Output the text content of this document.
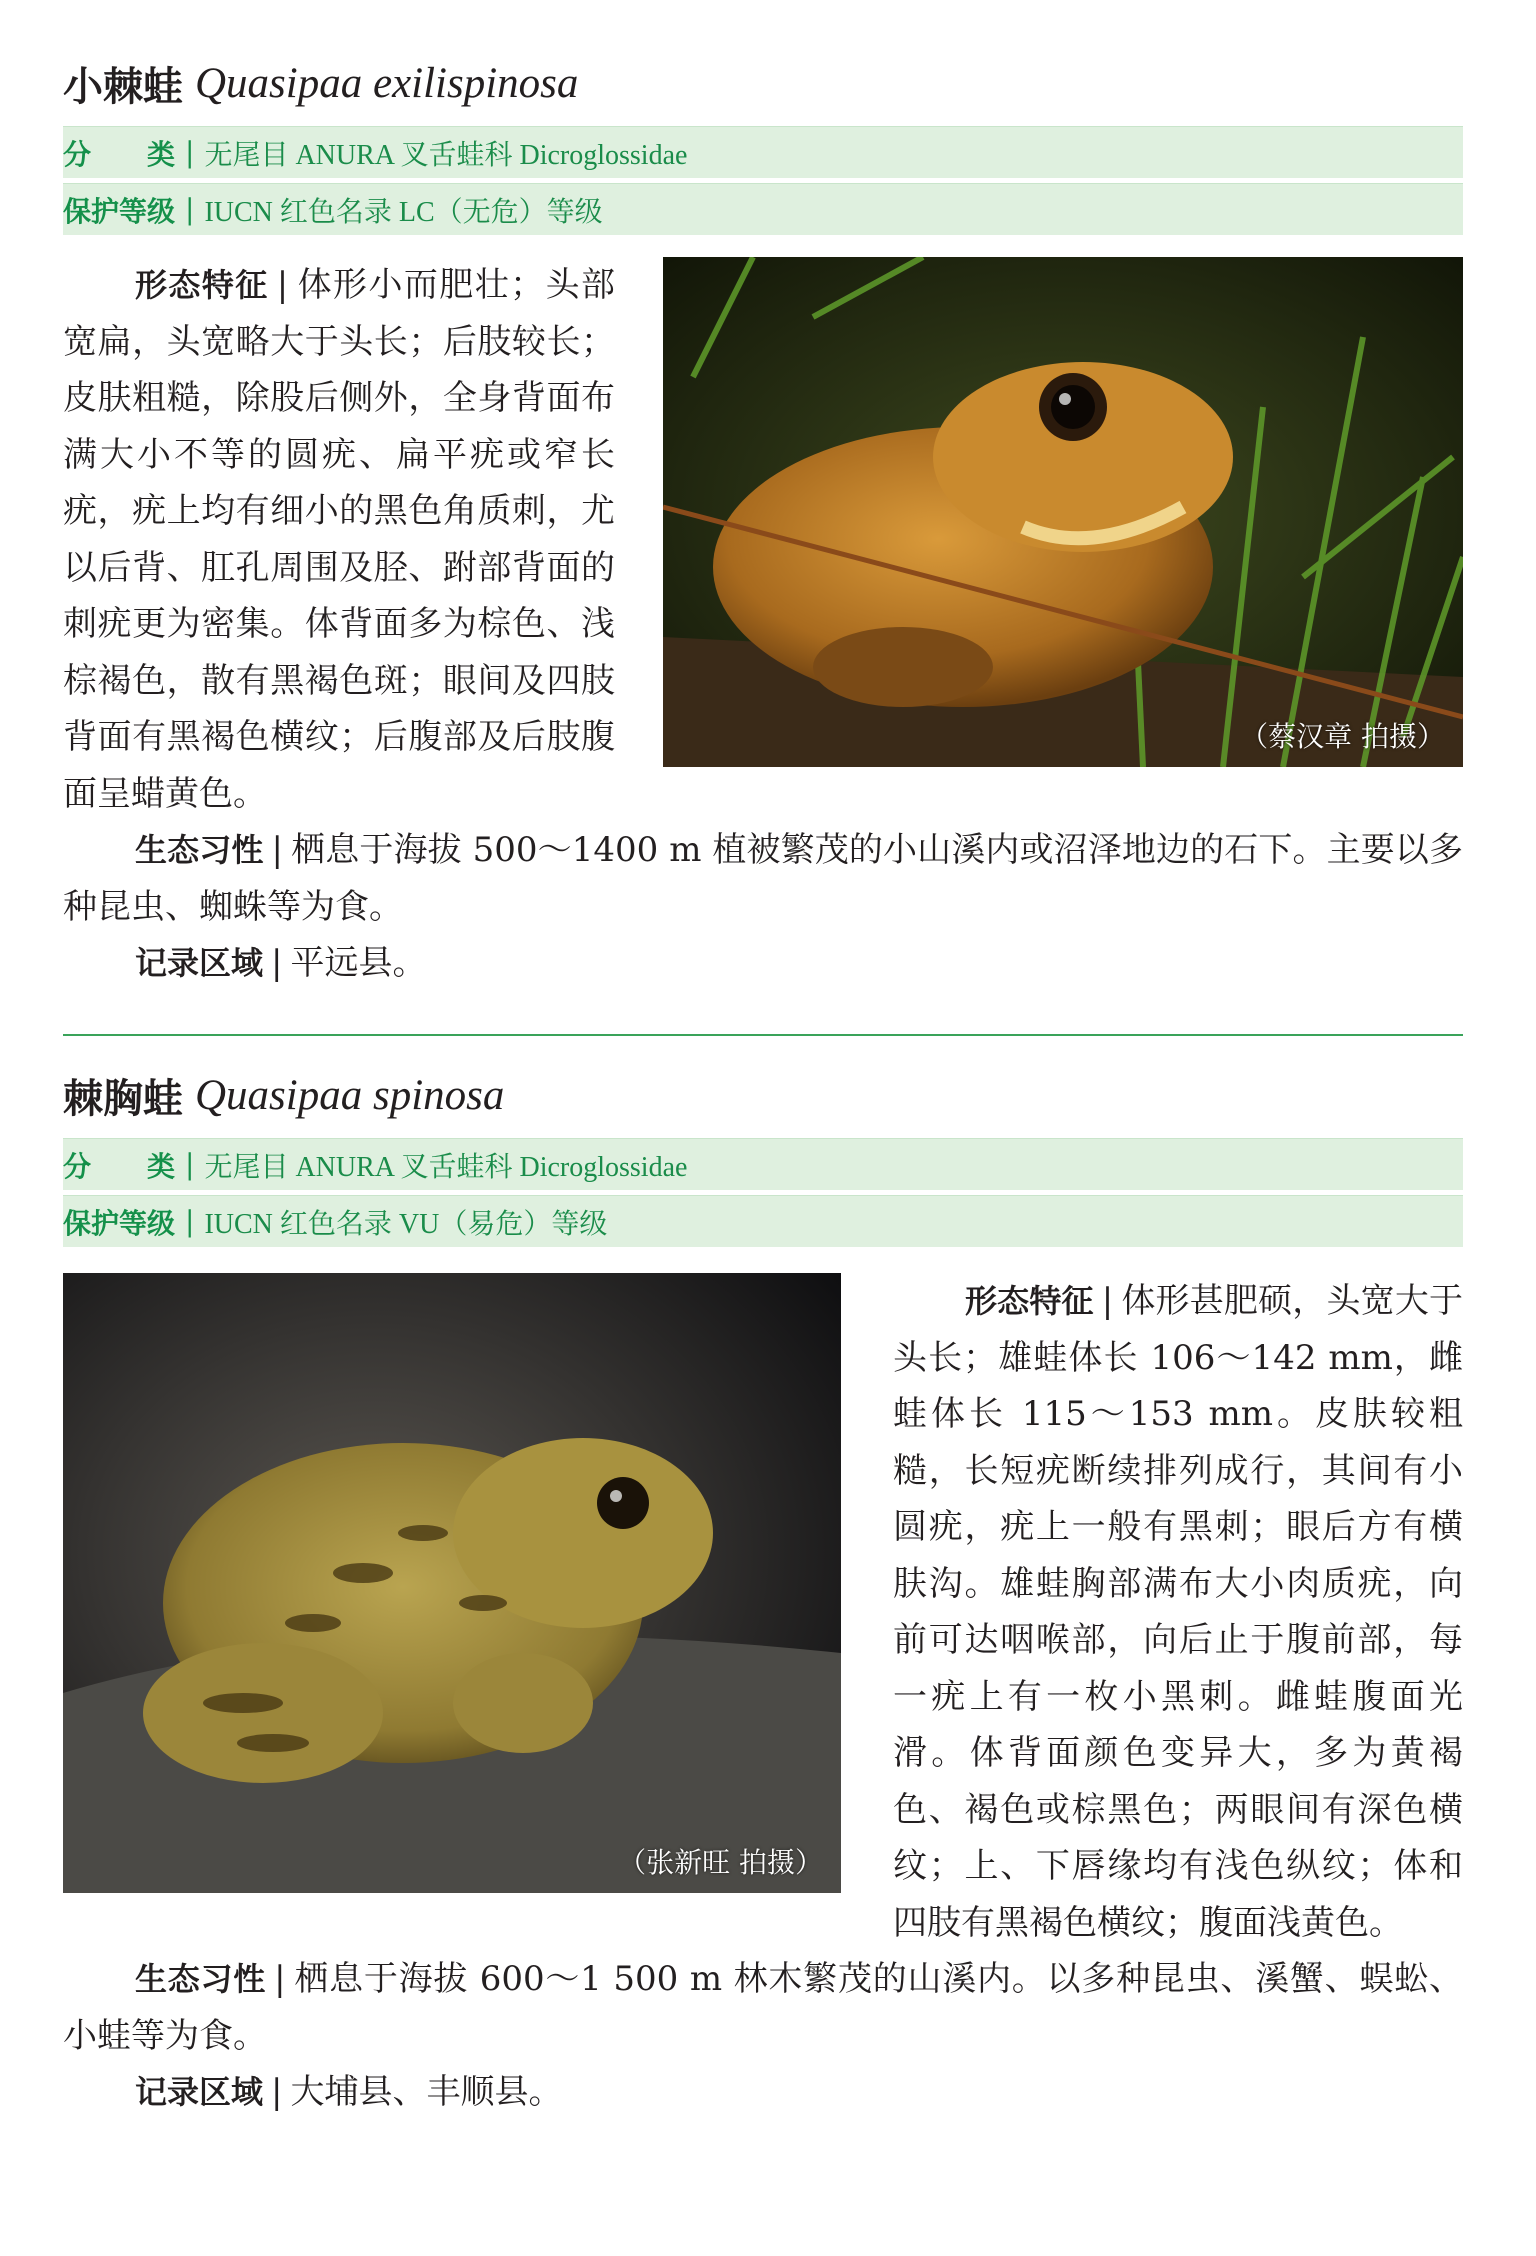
小棘蛙 Quasipaa exilispinosa
分　　类 | 无尾目 ANURA 叉舌蛙科 Dicroglossidae
保护等级 | IUCN 红色名录 LC（无危）等级
（蔡汉章 拍摄）

形态特征 | 体形小而肥壮；头部宽扁，头宽略大于头长；后肢较长；皮肤粗糙，除股后侧外，全身背面布满大小不等的圆疣、扁平疣或窄长疣，疣上均有细小的黑色角质刺，尤以后背、肛孔周围及胫、跗部背面的刺疣更为密集。体背面多为棕色、浅棕褐色，散有黑褐色斑；眼间及四肢背面有黑褐色横纹；后腹部及后肢腹面呈蜡黄色。

生态习性 | 栖息于海拔 500～1400 m 植被繁茂的小山溪内或沼泽地边的石下。主要以多种昆虫、蜘蛛等为食。

记录区域 | 平远县。

棘胸蛙 Quasipaa spinosa
分　　类 | 无尾目 ANURA 叉舌蛙科 Dicroglossidae
保护等级 | IUCN 红色名录 VU（易危）等级
（张新旺 拍摄）

形态特征 | 体形甚肥硕，头宽大于头长；雄蛙体长 106～142 mm，雌蛙体长 115～153 mm。皮肤较粗糙，长短疣断续排列成行，其间有小圆疣，疣上一般有黑刺；眼后方有横肤沟。雄蛙胸部满布大小肉质疣，向前可达咽喉部，向后止于腹前部，每一疣上有一枚小黑刺。雌蛙腹面光滑。体背面颜色变异大，多为黄褐色、褐色或棕黑色；两眼间有深色横纹；上、下唇缘均有浅色纵纹；体和四肢有黑褐色横纹；腹面浅黄色。

生态习性 | 栖息于海拔 600～1 500 m 林木繁茂的山溪内。以多种昆虫、溪蟹、蜈蚣、小蛙等为食。

记录区域 | 大埔县、丰顺县。
